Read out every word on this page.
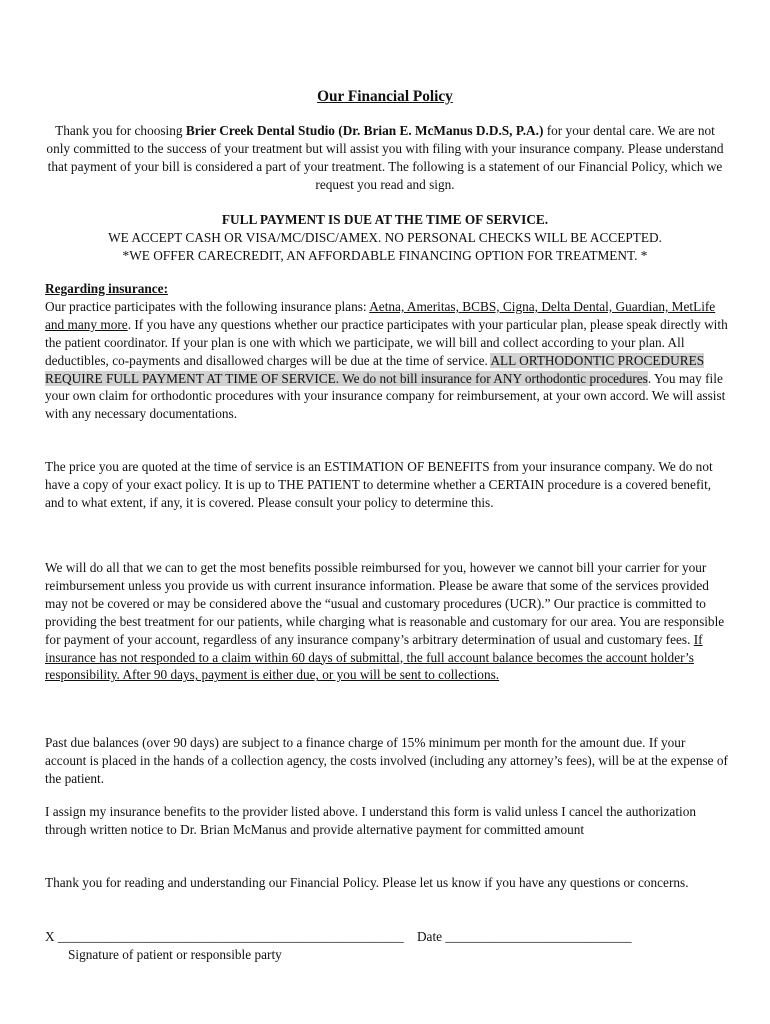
Our Financial Policy

Thank you for choosing Brier Creek Dental Studio (Dr. Brian E. McManus D.D.S, P.A.) for your dental care. We are not only committed to the success of your treatment but will assist you with filing with your insurance company. Please understand that payment of your bill is considered a part of your treatment. The following is a statement of our Financial Policy, which we request you read and sign.

FULL PAYMENT IS DUE AT THE TIME OF SERVICE.

WE ACCEPT CASH OR VISA/MC/DISC/AMEX. NO PERSONAL CHECKS WILL BE ACCEPTED.

*WE OFFER CARECREDIT, AN AFFORDABLE FINANCING OPTION FOR TREATMENT. *

Regarding insurance:

Our practice participates with the following insurance plans: Aetna, Ameritas, BCBS, Cigna, Delta Dental, Guardian, MetLife and many more. If you have any questions whether our practice participates with your particular plan, please speak directly with the patient coordinator. If your plan is one with which we participate, we will bill and collect according to your plan. All deductibles, co-payments and disallowed charges will be due at the time of service. ALL ORTHODONTIC PROCEDURES REQUIRE FULL PAYMENT AT TIME OF SERVICE. We do not bill insurance for ANY orthodontic procedures. You may file your own claim for orthodontic procedures with your insurance company for reimbursement, at your own accord. We will assist with any necessary documentations.

The price you are quoted at the time of service is an ESTIMATION OF BENEFITS from your insurance company. We do not have a copy of your exact policy. It is up to THE PATIENT to determine whether a CERTAIN procedure is a covered benefit, and to what extent, if any, it is covered. Please consult your policy to determine this.

We will do all that we can to get the most benefits possible reimbursed for you, however we cannot bill your carrier for your reimbursement unless you provide us with current insurance information. Please be aware that some of the services provided may not be covered or may be considered above the “usual and customary procedures (UCR).” Our practice is committed to providing the best treatment for our patients, while charging what is reasonable and customary for our area. You are responsible for payment of your account, regardless of any insurance company’s arbitrary determination of usual and customary fees. If insurance has not responded to a claim within 60 days of submittal, the full account balance becomes the account holder’s responsibility. After 90 days, payment is either due, or you will be sent to collections.

Past due balances (over 90 days) are subject to a finance charge of 15% minimum per month for the amount due. If your account is placed in the hands of a collection agency, the costs involved (including any attorney’s fees), will be at the expense of the patient.

I assign my insurance benefits to the provider listed above. I understand this form is valid unless I cancel the authorization through written notice to Dr. Brian McManus and provide alternative payment for committed amount

Thank you for reading and understanding our Financial Policy. Please let us know if you have any questions or concerns.

X ____________________________________________________    Date ____________________________
Signature of patient or responsible party
